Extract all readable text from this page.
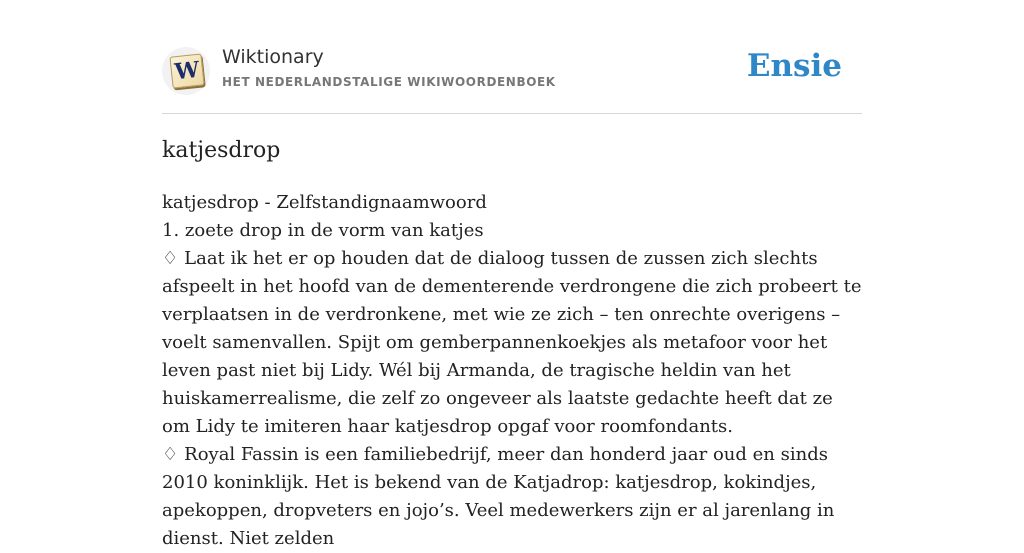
W Wiktionary
HET NEDERLANDSTALIGE WIKIWOORDENBOEK	Ensie
katjesdrop

katjesdrop - Zelfstandignaamwoord

1. zoete drop in de vorm van katjes

♢ Laat ik het er op houden dat de dialoog tussen de zussen zich slechts afspeelt in het hoofd van de dementerende verdrongene die zich probeert te verplaatsen in de verdronkene, met wie ze zich – ten onrechte overigens – voelt samenvallen. Spijt om gemberpannenkoekjes als metafoor voor het leven past niet bij Lidy. Wél bij Armanda, de tragische heldin van het huiskamerrealisme, die zelf zo ongeveer als laatste gedachte heeft dat ze om Lidy te imiteren haar katjesdrop opgaf voor roomfondants.

♢ Royal Fassin is een familiebedrijf, meer dan honderd jaar oud en sinds 2010 koninklijk. Het is bekend van de Katjadrop: katjesdrop, kokindjes, apekoppen, dropveters en jojo’s. Veel medewerkers zijn er al jarenlang in dienst. Niet zelden
